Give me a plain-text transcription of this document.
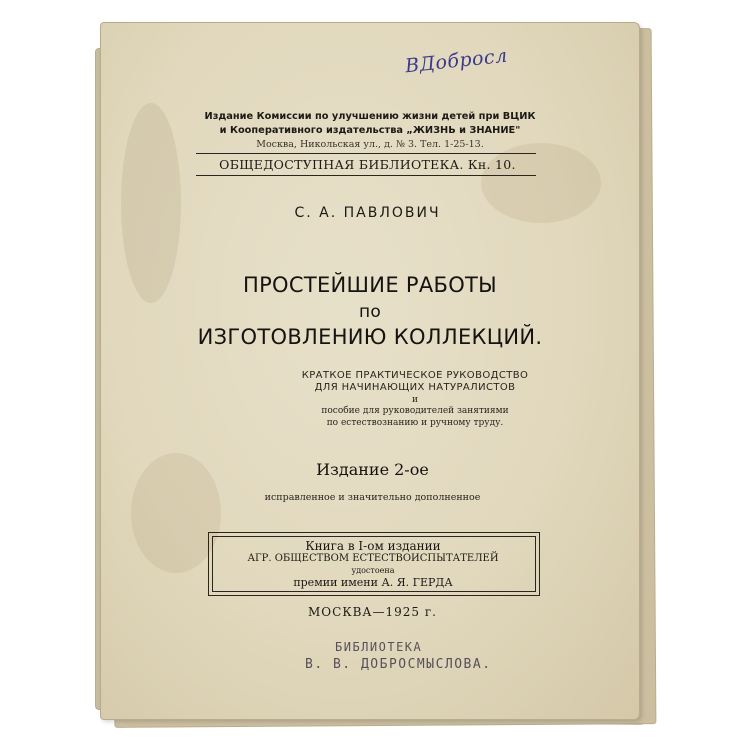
ВДобросл
Издание Комиссии по улучшению жизни детей при ВЦИК
и Кооперативного издательства „ЖИЗНЬ и ЗНАНИЕ"
Москва, Никольская ул., д. № 3. Тел. 1-25-13.
ОБЩЕДОСТУПНАЯ БИБЛИОТЕКА. Кн. 10.
С. А. ПАВЛОВИЧ
ПРОСТЕЙШИЕ РАБОТЫ
по
ИЗГОТОВЛЕНИЮ КОЛЛЕКЦИЙ.
КРАТКОЕ ПРАКТИЧЕСКОЕ РУКОВОДСТВО
ДЛЯ НАЧИНАЮЩИХ НАТУРАЛИСТОВ
и
пособие для руководителей занятиями
по естествознанию и ручному труду.
Издание 2-ое
исправленное и значительно дополненное
Книга в I-ом издании
АГР. ОБЩЕСТВОМ ЕСТЕСТВОИСПЫТАТЕЛЕЙ
удостоена
премии имени А. Я. ГЕРДА
МОСКВА—1925 г.
БИБЛИОТЕКА
В. В. ДОБРОСМЫСЛОВА.
